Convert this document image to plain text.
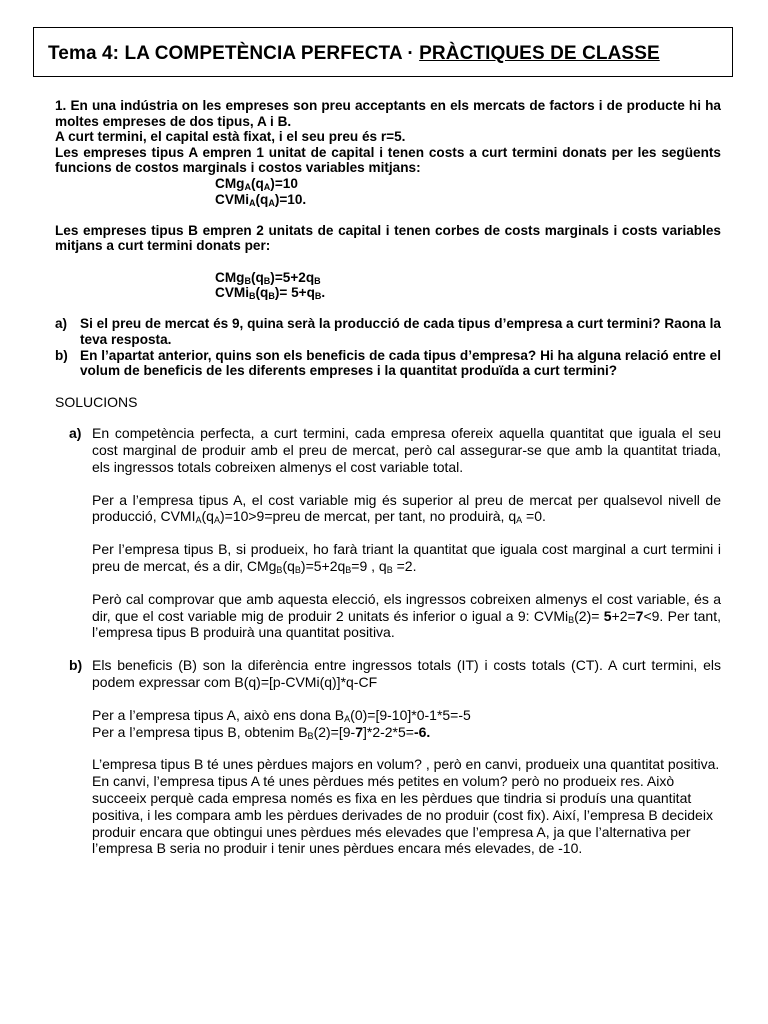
Tema 4: LA COMPETÈNCIA PERFECTA · PRÀCTIQUES DE CLASSE
1. En una indústria on les empreses son preu acceptants en els mercats de factors i de producte hi ha moltes empreses de dos tipus, A i B.
A curt termini, el capital està fixat, i el seu preu és r=5.
Les empreses tipus A empren 1 unitat de capital i tenen costs a curt termini donats per les següents funcions de costos marginals i costos variables mitjans:
$CMg_A(q_A)=10$
$CVMi_A(q_A)=10$.
Les empreses tipus B empren 2 unitats de capital i tenen corbes de costs marginals i costs variables mitjans a curt termini donats per:
$CMg_B(q_B)=5+2q_B$
$CVMi_B(q_B)= 5+q_B$.
a) Si el preu de mercat és 9, quina serà la producció de cada tipus d’empresa a curt termini? Raona la teva resposta.
b) En l’apartat anterior, quins son els beneficis de cada tipus d’empresa? Hi ha alguna relació entre el volum de beneficis de les diferents empreses i la quantitat produïda a curt termini?
SOLUCIONS
a) En competència perfecta, a curt termini, cada empresa ofereix aquella quantitat que iguala el seu cost marginal de produir amb el preu de mercat, però cal assegurar-se que amb la quantitat triada, els ingressos totals cobreixen almenys el cost variable total.
Per a l’empresa tipus A, el cost variable mig és superior al preu de mercat per qualsevol nivell de producció, $CVMI_A(q_A)=10>9=preu$ de mercat, per tant, no produirà, $q_A =0$.
Per l’empresa tipus B, si produeix, ho farà triant la quantitat que iguala cost marginal a curt termini i preu de mercat, és a dir, $CMg_B(q_B)=5+2q_B=9$ , $q_B =2$.
Però cal comprovar que amb aquesta elecció, els ingressos cobreixen almenys el cost variable, és a dir, que el cost variable mig de produir 2 unitats és inferior o igual a 9: CVMi$_B$(2)= 5+2=7<9. Per tant, l’empresa tipus B produirà una quantitat positiva.
b) Els beneficis (B) son la diferència entre ingressos totals (IT) i costs totals (CT). A curt termini, els podem expressar com B(q)=[p-CVMi(q)]*q-CF
Per a l’empresa tipus A, això ens dona $B_A(0)=[9-10]*0-1*5=-5$
Per a l’empresa tipus B, obtenim $B_B(2)=[9-7]*2-2*5=-6$.
L’empresa tipus B té unes pèrdues majors en volum? , però en canvi, produeix una quantitat positiva. En canvi, l’empresa tipus A té unes pèrdues més petites en volum? però no produeix res. Això succeeix perquè cada empresa només es fixa en les pèrdues que tindria si produís una quantitat positiva, i les compara amb les pèrdues derivades de no produir (cost fix). Així, l’empresa B decideix produir encara que obtingui unes pèrdues més elevades que l’empresa A, ja que l’alternativa per l’empresa B seria no produir i tenir unes pèrdues encara més elevades, de -10.
